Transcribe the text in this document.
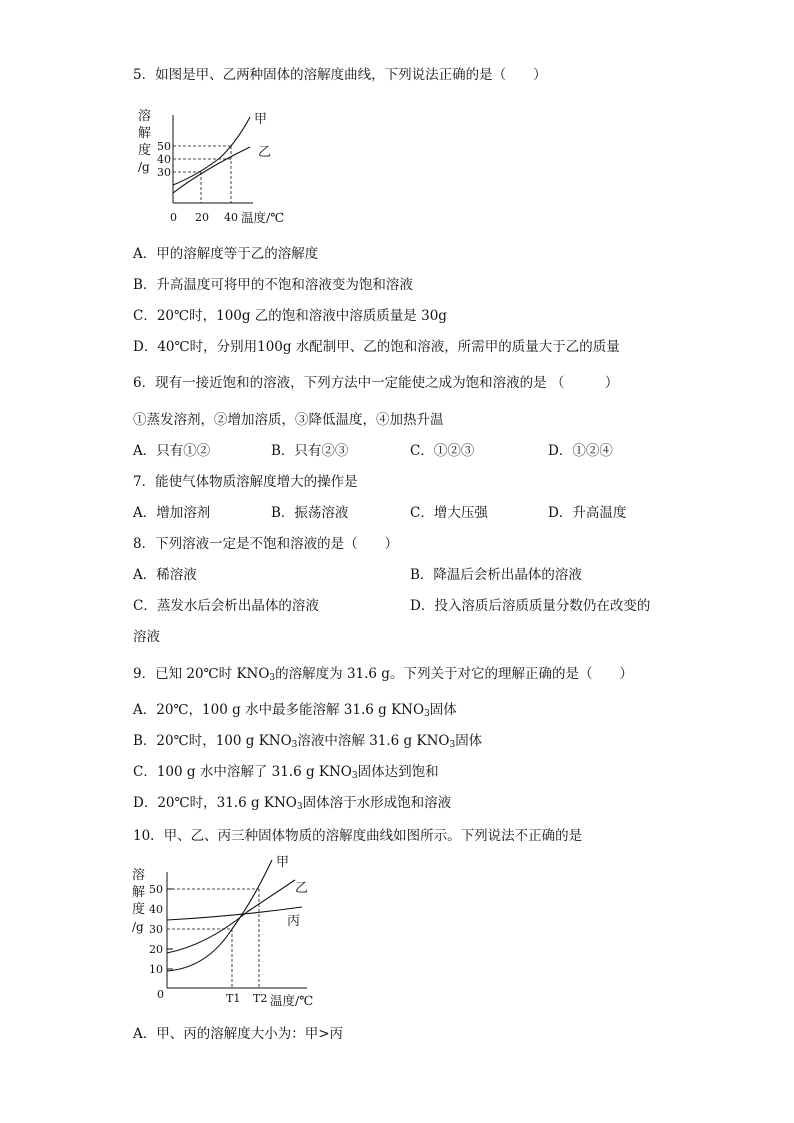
5．如图是甲、乙两种固体的溶解度曲线，下列说法正确的是（　　）
溶
解
度
/g
50
40
30
甲
乙
0 20 40 温度/℃
A．甲的溶解度等于乙的溶解度
B．升高温度可将甲的不饱和溶液变为饱和溶液
C．20℃时，100g 乙的饱和溶液中溶质质量是 30g
D．40℃时，分别用100g 水配制甲、乙的饱和溶液，所需甲的质量大于乙的质量
6．现有一接近饱和的溶液，下列方法中一定能使之成为饱和溶液的是 （　　　）
①蒸发溶剂，②增加溶质，③降低温度，④加热升温
A．只有①②	B．只有②③	C．①②③	D．①②④
7．能使气体物质溶解度增大的操作是
A．增加溶剂	B．振荡溶液	C．增大压强	D．升高温度
8．下列溶液一定是不饱和溶液的是（　　）
A．稀溶液	B．降温后会析出晶体的溶液
C．蒸发水后会析出晶体的溶液	D．投入溶质后溶质质量分数仍在改变的
溶液
9．已知 20℃时 $KNO_3$的溶解度为 31.6 g。下列关于对它的理解正确的是（　　）
A．20℃，100 g 水中最多能溶解 31.6 g $KNO_3$固体
B．20℃时，100 g $KNO_3$溶液中溶解 31.6 g $KNO_3$固体
C．100 g 水中溶解了 31.6 g $KNO_3$固体达到饱和
D．20℃时，31.6 g $KNO_3$固体溶于水形成饱和溶液
10．甲、乙、丙三种固体物质的溶解度曲线如图所示。下列说法不正确的是
溶
解
度
/g
50
40
30
20
10
甲
乙
丙
0	T1 T2 温度/℃
A．甲、丙的溶解度大小为：甲>丙
